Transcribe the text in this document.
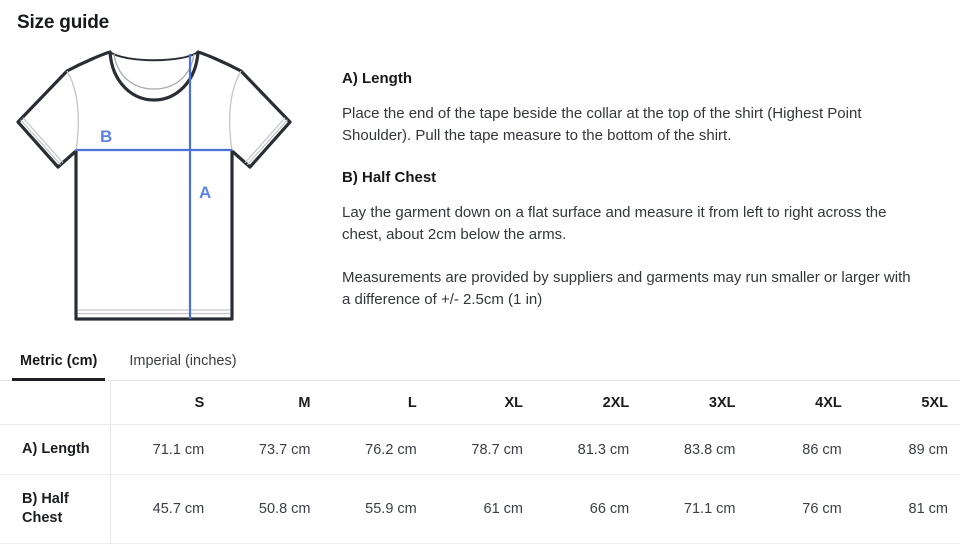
Size guide
B
A
A) Length

Place the end of the tape beside the collar at the top of the shirt (Highest Point Shoulder). Pull the tape measure to the bottom of the shirt.

B) Half Chest

Lay the garment down on a flat surface and measure it from left to right across the chest, about 2cm below the arms.

Measurements are provided by suppliers and garments may run smaller or larger with a difference of +/- 2.5cm (1 in)

Metric (cm)	Imperial (inches)
	S	M	L	XL	2XL	3XL	4XL	5XL
A) Length	71.1 cm	73.7 cm	76.2 cm	78.7 cm	81.3 cm	83.8 cm	86 cm	89 cm
B) Half Chest	45.7 cm	50.8 cm	55.9 cm	61 cm	66 cm	71.1 cm	76 cm	81 cm
